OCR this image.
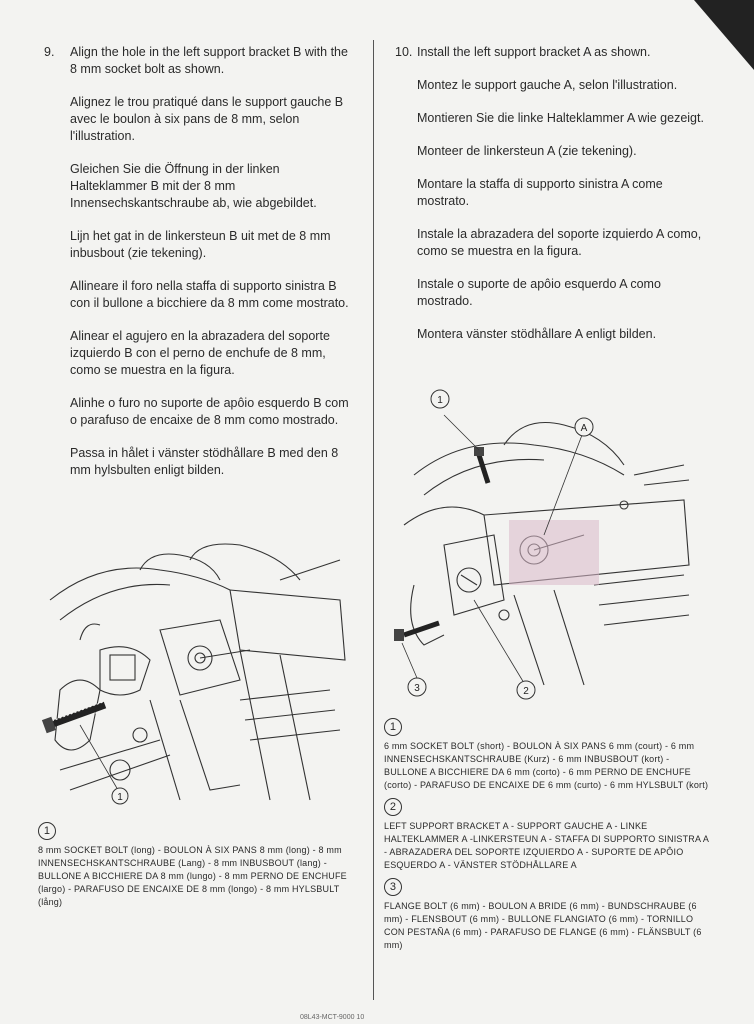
9.	Align the hole in the left support bracket B with the 8 mm socket bolt as shown.

Alignez le trou pratiqué dans le support gauche B avec le boulon à six pans de 8 mm, selon l'illustration.

Gleichen Sie die Öffnung in der linken Halteklammer B mit der 8 mm Innensechskantschraube ab, wie abgebildet.

Lijn het gat in de linkersteun B uit met de 8 mm inbusbout (zie tekening).

Allineare il foro nella staffa di supporto sinistra B con il bullone a bicchiere da 8 mm come mostrato.

Alinear el agujero en la abrazadera del soporte izquierdo B con el perno de enchufe de 8 mm, como se muestra en la figura.

Alinhe o furo no suporte de apôio esquerdo B com o parafuso de encaixe de 8 mm como mostrado.

Passa in hålet i vänster stödhållare B med den 8 mm hylsbulten enligt bilden.

1
1

8 mm SOCKET BOLT (long) - BOULON À SIX PANS 8 mm (long) - 8 mm INNENSECHSKANTSCHRAUBE (Lang) - 8 mm INBUSBOUT (lang) - BULLONE A BICCHIERE DA 8 mm (lungo) - 8 mm PERNO DE ENCHUFE (largo) - PARAFUSO DE ENCAIXE DE 8 mm (longo) - 8 mm HYLSBULT (lång)

10. Install the left support bracket A as shown.

Montez le support gauche A, selon l'illustration.

Montieren Sie die linke Halteklammer A wie gezeigt.

Monteer de linkersteun A (zie tekening).

Montare la staffa di supporto sinistra A come mostrato.

Instale la abrazadera del soporte izquierdo A como, como se muestra en la figura.

Instale o suporte de apôio esquerdo A como mostrado.

Montera vänster stödhållare A enligt bilden.

1
A
2
3
1

6 mm SOCKET BOLT (short) - BOULON À SIX PANS 6 mm (court) - 6 mm INNENSECHSKANTSCHRAUBE (Kurz) - 6 mm INBUSBOUT (kort) - BULLONE A BICCHIERE DA 6 mm (corto) - 6 mm PERNO DE ENCHUFE (corto) - PARAFUSO DE ENCAIXE DE 6 mm (curto) - 6 mm HYLSBULT (kort)

2

LEFT SUPPORT BRACKET A - SUPPORT GAUCHE A - LINKE HALTEKLAMMER A -LINKERSTEUN A - STAFFA DI SUPPORTO SINISTRA A - ABRAZADERA DEL SOPORTE IZQUIERDO A - SUPORTE DE APÔIO ESQUERDO A - VÄNSTER STÖDHÅLLARE A

3

FLANGE BOLT (6 mm) - BOULON A BRIDE (6 mm) - BUNDSCHRAUBE (6 mm) - FLENSBOUT (6 mm) - BULLONE FLANGIATO (6 mm) - TORNILLO CON PESTAÑA (6 mm) - PARAFUSO DE FLANGE (6 mm) - FLÄNSBULT (6 mm)

08L43-MCT-9000 10
